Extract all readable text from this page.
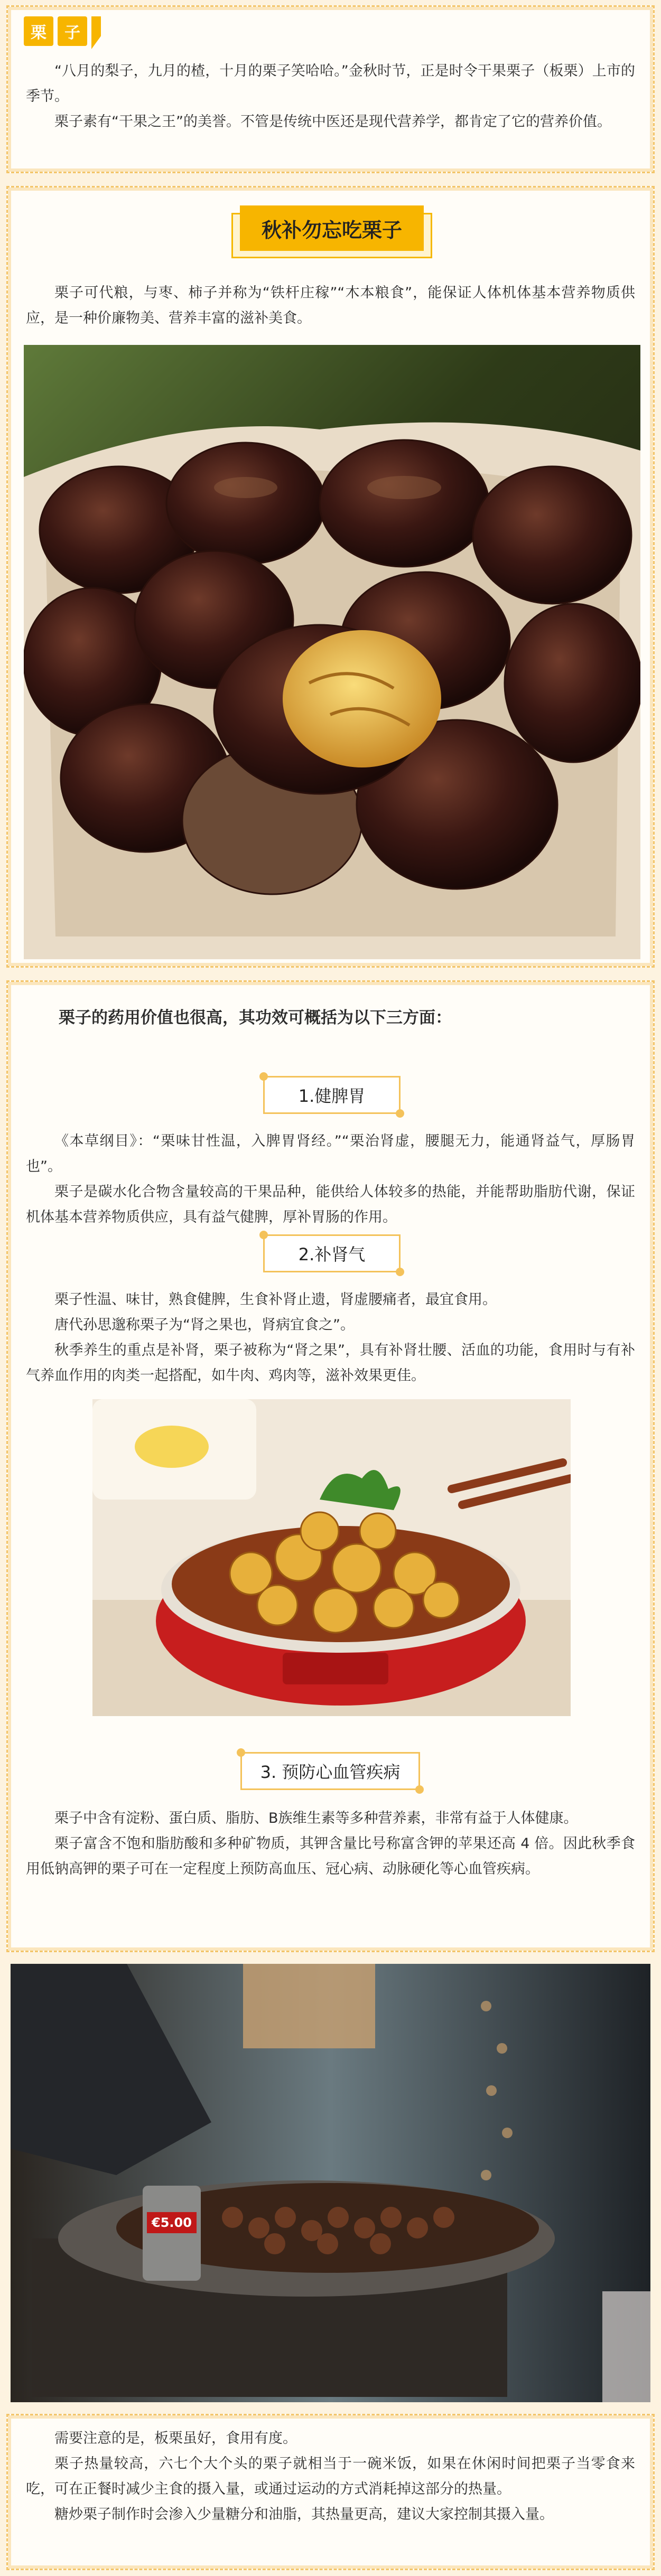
栗	子

“八月的梨子，九月的楂，十月的栗子笑哈哈。”金秋时节，正是时令干果栗子（板栗）上市的季节。

栗子素有“干果之王”的美誉。不管是传统中医还是现代营养学，都肯定了它的营养价值。

秋补勿忘吃栗子

栗子可代粮，与枣、柿子并称为“铁杆庄稼”“木本粮食”，能保证人体机体基本营养物质供应，是一种价廉物美、营养丰富的滋补美食。

栗子的药用价值也很高，其功效可概括为以下三方面：

1.健脾胃

《本草纲目》：“栗味甘性温，入脾胃肾经。”“栗治肾虚，腰腿无力，能通肾益气，厚肠胃也”。

栗子是碳水化合物含量较高的干果品种，能供给人体较多的热能，并能帮助脂肪代谢，保证机体基本营养物质供应，具有益气健脾，厚补胃肠的作用。

2.补肾气

栗子性温、味甘，熟食健脾，生食补肾止遗，肾虚腰痛者，最宜食用。

唐代孙思邈称栗子为“肾之果也，肾病宜食之”。

秋季养生的重点是补肾，栗子被称为“肾之果”，具有补肾壮腰、活血的功能，食用时与有补气养血作用的肉类一起搭配，如牛肉、鸡肉等，滋补效果更佳。

3. 预防心血管疾病

栗子中含有淀粉、蛋白质、脂肪、B族维生素等多种营养素，非常有益于人体健康。

栗子富含不饱和脂肪酸和多种矿物质，其钾含量比号称富含钾的苹果还高 4 倍。因此秋季食用低钠高钾的栗子可在一定程度上预防高血压、冠心病、动脉硬化等心血管疾病。

€5.00

需要注意的是，板栗虽好，食用有度。

栗子热量较高，六七个大个头的栗子就相当于一碗米饭，如果在休闲时间把栗子当零食来吃，可在正餐时减少主食的摄入量，或通过运动的方式消耗掉这部分的热量。

糖炒栗子制作时会渗入少量糖分和油脂，其热量更高，建议大家控制其摄入量。
